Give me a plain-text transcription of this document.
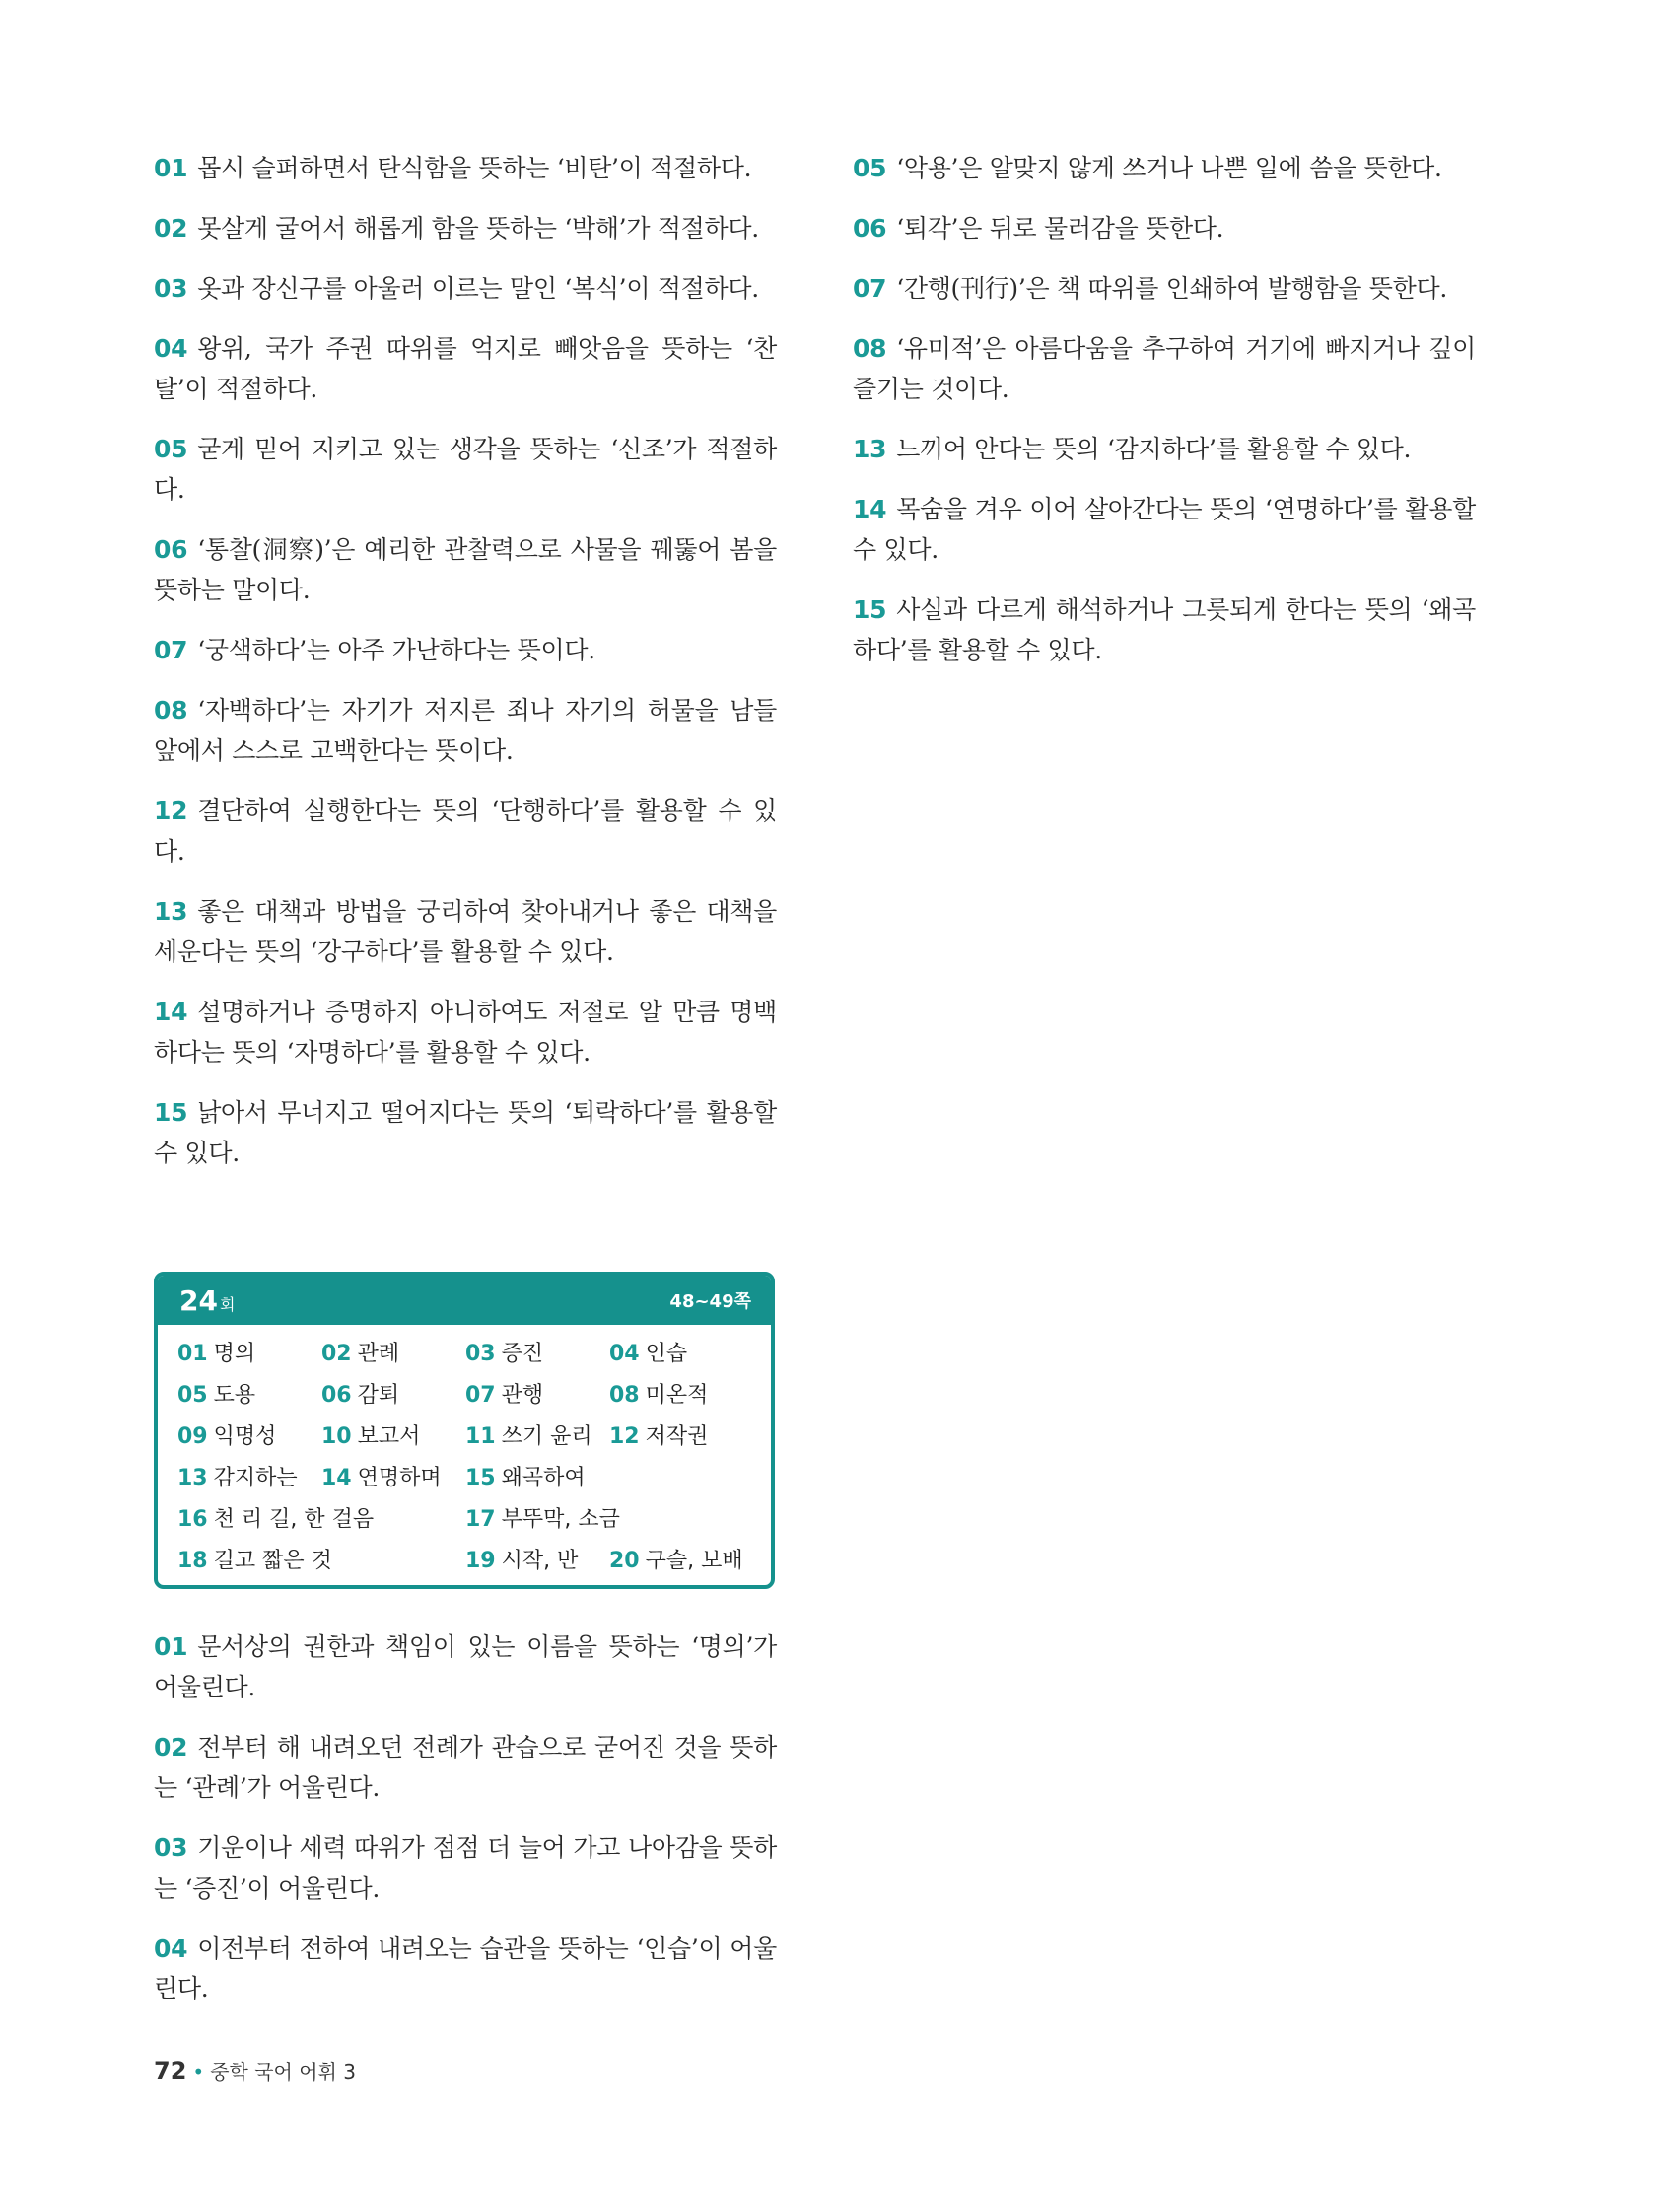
01 몹시 슬퍼하면서 탄식함을 뜻하는 ‘비탄’이 적절하다.

02 못살게 굴어서 해롭게 함을 뜻하는 ‘박해’가 적절하다.

03 옷과 장신구를 아울러 이르는 말인 ‘복식’이 적절하다.

04 왕위, 국가 주권 따위를 억지로 빼앗음을 뜻하는 ‘찬탈’이 적절하다.

05 굳게 믿어 지키고 있는 생각을 뜻하는 ‘신조’가 적절하다.

06 ‘통찰(洞察)’은 예리한 관찰력으로 사물을 꿰뚫어 봄을 뜻하는 말이다.

07 ‘궁색하다’는 아주 가난하다는 뜻이다.

08 ‘자백하다’는 자기가 저지른 죄나 자기의 허물을 남들 앞에서 스스로 고백한다는 뜻이다.

12 결단하여 실행한다는 뜻의 ‘단행하다’를 활용할 수 있다.

13 좋은 대책과 방법을 궁리하여 찾아내거나 좋은 대책을 세운다는 뜻의 ‘강구하다’를 활용할 수 있다.

14 설명하거나 증명하지 아니하여도 저절로 알 만큼 명백하다는 뜻의 ‘자명하다’를 활용할 수 있다.

15 낡아서 무너지고 떨어지다는 뜻의 ‘퇴락하다’를 활용할 수 있다.

05 ‘악용’은 알맞지 않게 쓰거나 나쁜 일에 씀을 뜻한다.

06 ‘퇴각’은 뒤로 물러감을 뜻한다.

07 ‘간행(刊行)’은 책 따위를 인쇄하여 발행함을 뜻한다.

08 ‘유미적’은 아름다움을 추구하여 거기에 빠지거나 깊이 즐기는 것이다.

13 느끼어 안다는 뜻의 ‘감지하다’를 활용할 수 있다.

14 목숨을 겨우 이어 살아간다는 뜻의 ‘연명하다’를 활용할 수 있다.

15 사실과 다르게 해석하거나 그릇되게 한다는 뜻의 ‘왜곡하다’를 활용할 수 있다.

24 회	48~49쪽
01 명의	02 관례	03 증진	04 인습
05 도용	06 감퇴	07 관행	08 미온적
09 익명성 10 보고서 11 쓰기 윤리 12 저작권
13 감지하는 14 연명하며 15 왜곡하여
16 천 리 길, 한 걸음	17 부뚜막, 소금
18 길고 짧은 것	19 시작, 반 20 구슬, 보배

01 문서상의 권한과 책임이 있는 이름을 뜻하는 ‘명의’가 어울린다.

02 전부터 해 내려오던 전례가 관습으로 굳어진 것을 뜻하는 ‘관례’가 어울린다.

03 기운이나 세력 따위가 점점 더 늘어 가고 나아감을 뜻하는 ‘증진’이 어울린다.

04 이전부터 전하여 내려오는 습관을 뜻하는 ‘인습’이 어울린다.

72 • 중학 국어 어휘 3
